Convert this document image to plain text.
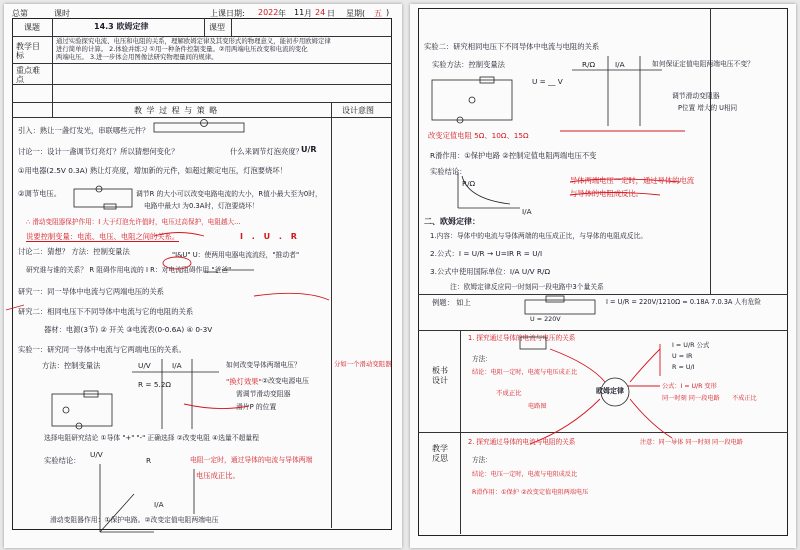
总第	课时	上课日期: 2022 年 11 月 24 日 星期( 五 )
课题	14.3 欧姆定律	课型
教学目标
通过实验探究电流、电压和电阻的关系，理解欧姆定律及其变形式的物理意义，能初步用欧姆定律
进行简单的计算。 2.体验并练习 ①用一种条件控制变量。②用两端电压改变和电流的变化
两端电压。 3.进一步体会用图像法研究物理量间的规律。
重点难点
教 学 过 程 与 策 略	设计意图
引入：熟让一盏灯发光，串联哪些元件？
讨论一：设计一盏调节灯亮灯？所以猜想何变化？	什么来调节灯泡亮度？
U/R
①用电器(2.5V 0.3A) 熟让灯亮度，增加新的元件，如超过额定电压，灯泡要烧坏！
②调节电压。	调节R 的大小可以改变电路电流的大小，R值小最大至为0时，
电路中最大I 为0.3A时，灯泡要烧坏！
∴ 滑动变阻器保护作用：I 大于灯泡允许值时，电压过高保护，电阻越大...
说要控制变量：电流、电压、电阻之间的关系。	I . U . R
讨论二：猜想？ 方法：控制变量法	"I&U" U：使两用电器电流流经，"推动者"
研究谁与谁的关系？ R 阻碍作用电流的 I R：对电流阻碍作用 "爸爸"
研究一：同一导体中电流与它两端电压的关系
研究二：相同电压下不同导体中电流与它的电阻的关系
器材：电源(3节) ② 开关 ③电流表(0-0.6A) ④ 0-3V
实验一：研究同一导体中电流与它两端电压的关系。
方法：控制变量法	U/V	I/A	如何改变导体两端电压？	分如一个滑动变阻器
R = 5.2Ω	"换灯效果" ②改变电源电压
需调节滑动变阻器
滑片P 的位置
选择电阻研究结论 ①导体 "+" "-" 正确选择 ②改变电阻 ④选量不超量程
实验结论：
U/V
R	电阻一定时，通过导体的电流与导体两端
电压成正比。
I/A
滑动变阻器作用：①保护电路。②改变定值电阻两端电压
实验二：研究相同电压下不同导体中电流与电阻的关系
实验方法：控制变量法
U = __ V
R/Ω	I/A	如何保证定值电阻两端电压不变？
调节滑动变阻器
P位置 增大的 U相同
改变定值电阻 5Ω、10Ω、15Ω
R滑作用：①保护电路 ②控制定值电阻两端电压不变
实验结论：
R/Ω
I/A
导体两端电压一定时，通过导体的电流
与导体的电阻成反比。
二、欧姆定律：
1.内容：导体中的电流与导体两端的电压成正比，与导体的电阻成反比。
2.公式：I = U/R → U=IR R = U/I
3.公式中使用国际单位：I/A U/V R/Ω
注：欧姆定律反应同一时刻同一段电路中3个量关系
例题： 如上	I = U/R = 220V/1210Ω ≈ 0.18A 7.0.3A 人有危险
U = 220V
板书设计
1. 探究通过导体的电流与电压的关系
方法：
结论：电阻一定时，电流与电压成正比
I = U/R 公式
U = IR
R = U/I
不成正比
电路图
欧姆定律
公式：I = U/R 变形
同一时刻 同一段电路 不成正比
2. 探究通过导体的电流与电阻的关系
方法：
结论：电压一定时，电流与电阻成反比
注意：同一导体 同一时刻 同一段电路
R滑作用：①保护 ②改变定值电阻两端电压
教学反思
